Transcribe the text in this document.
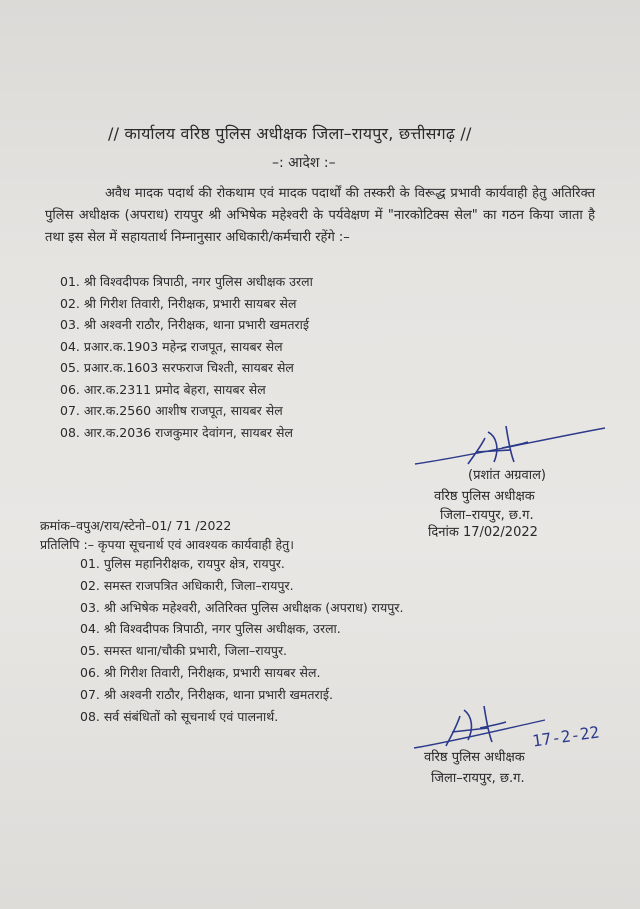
// कार्यालय वरिष्ठ पुलिस अधीक्षक जिला–रायपुर, छत्तीसगढ़ //
–: आदेश :–
अवैध मादक पदार्थ की रोकथाम एवं मादक पदार्थों की तस्करी के विरूद्ध प्रभावी कार्यवाही हेतु अतिरिक्त पुलिस अधीक्षक (अपराध) रायपुर श्री अभिषेक महेश्वरी के पर्यवेक्षण में "नारकोटिक्स सेल" का गठन किया जाता है तथा इस सेल में सहायतार्थ निम्नानुसार अधिकारी/कर्मचारी रहेंगे :–
01. श्री विश्वदीपक त्रिपाठी, नगर पुलिस अधीक्षक उरला
02. श्री गिरीश तिवारी, निरीक्षक, प्रभारी सायबर सेल
03. श्री अश्वनी राठौर, निरीक्षक, थाना प्रभारी खमतराई
04. प्रआर.क.1903 महेन्द्र राजपूत, सायबर सेल
05. प्रआर.क.1603 सरफराज चिश्ती, सायबर सेल
06. आर.क.2311 प्रमोद बेहरा, सायबर सेल
07. आर.क.2560 आशीष राजपूत, सायबर सेल
08. आर.क.2036 राजकुमार देवांगन, सायबर सेल
(प्रशांत अग्रवाल)
वरिष्ठ पुलिस अधीक्षक
जिला–रायपुर, छ.ग.
दिनांक 17/02/2022
क्रमांक–वपुअ/राय/स्टेनो–01/ 71 /2022
प्रतिलिपि :– कृपया सूचनार्थ एवं आवश्यक कार्यवाही हेतु।
01. पुलिस महानिरीक्षक, रायपुर क्षेत्र, रायपुर.
02. समस्त राजपत्रित अधिकारी, जिला–रायपुर.
03. श्री अभिषेक महेश्वरी, अतिरिक्त पुलिस अधीक्षक (अपराध) रायपुर.
04. श्री विश्वदीपक त्रिपाठी, नगर पुलिस अधीक्षक, उरला.
05. समस्त थाना/चौकी प्रभारी, जिला–रायपुर.
06. श्री गिरीश तिवारी, निरीक्षक, प्रभारी सायबर सेल.
07. श्री अश्वनी राठौर, निरीक्षक, थाना प्रभारी खमतराई.
08. सर्व संबंधितों को सूचनार्थ एवं पालनार्थ.
17-2-22
वरिष्ठ पुलिस अधीक्षक
जिला–रायपुर, छ.ग.
